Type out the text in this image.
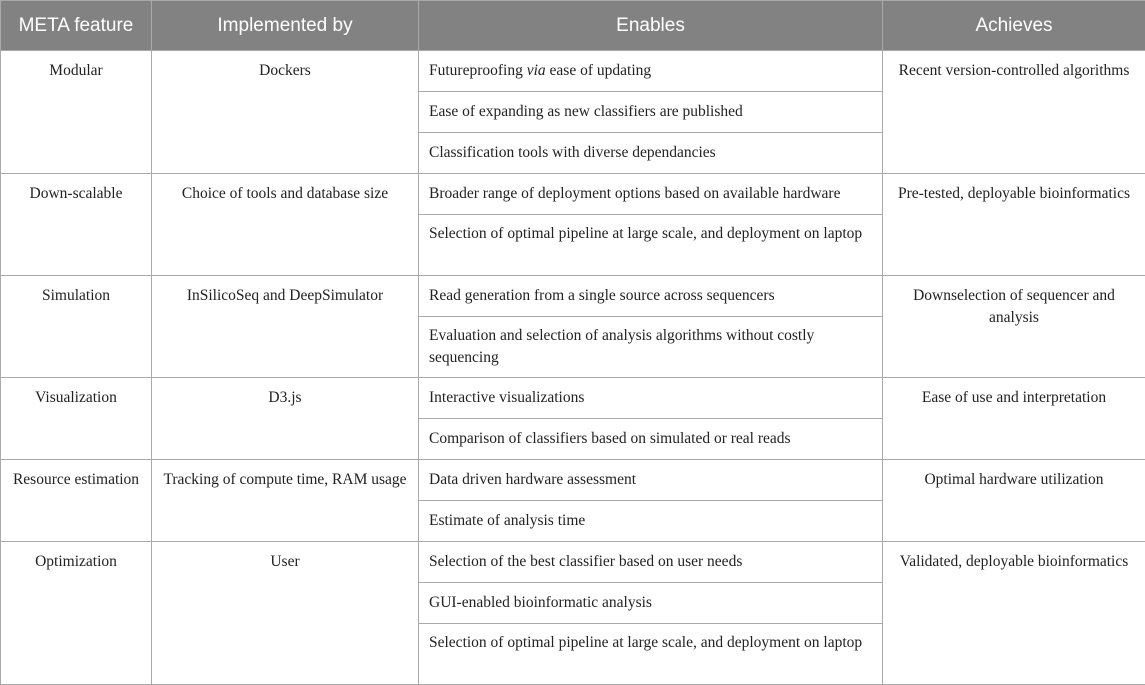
META feature	Implemented by	Enables	Achieves
Modular	Dockers	Futureproofing via ease of updating	Recent version-controlled algorithms
		Ease of expanding as new classifiers are published	
		Classification tools with diverse dependancies	
Down-scalable	Choice of tools and database size	Broader range of deployment options based on available hardware	Pre-tested, deployable bioinformatics
		Selection of optimal pipeline at large scale, and deployment on laptop	
Simulation	InSilicoSeq and DeepSimulator	Read generation from a single source across sequencers	Downselection of sequencer and analysis
		Evaluation and selection of analysis algorithms without costly sequencing	
Visualization	D3.js	Interactive visualizations	Ease of use and interpretation
		Comparison of classifiers based on simulated or real reads	
Resource estimation	Tracking of compute time, RAM usage	Data driven hardware assessment	Optimal hardware utilization
		Estimate of analysis time	
Optimization	User	Selection of the best classifier based on user needs	Validated, deployable bioinformatics
		GUI-enabled bioinformatic analysis	
		Selection of optimal pipeline at large scale, and deployment on laptop	
